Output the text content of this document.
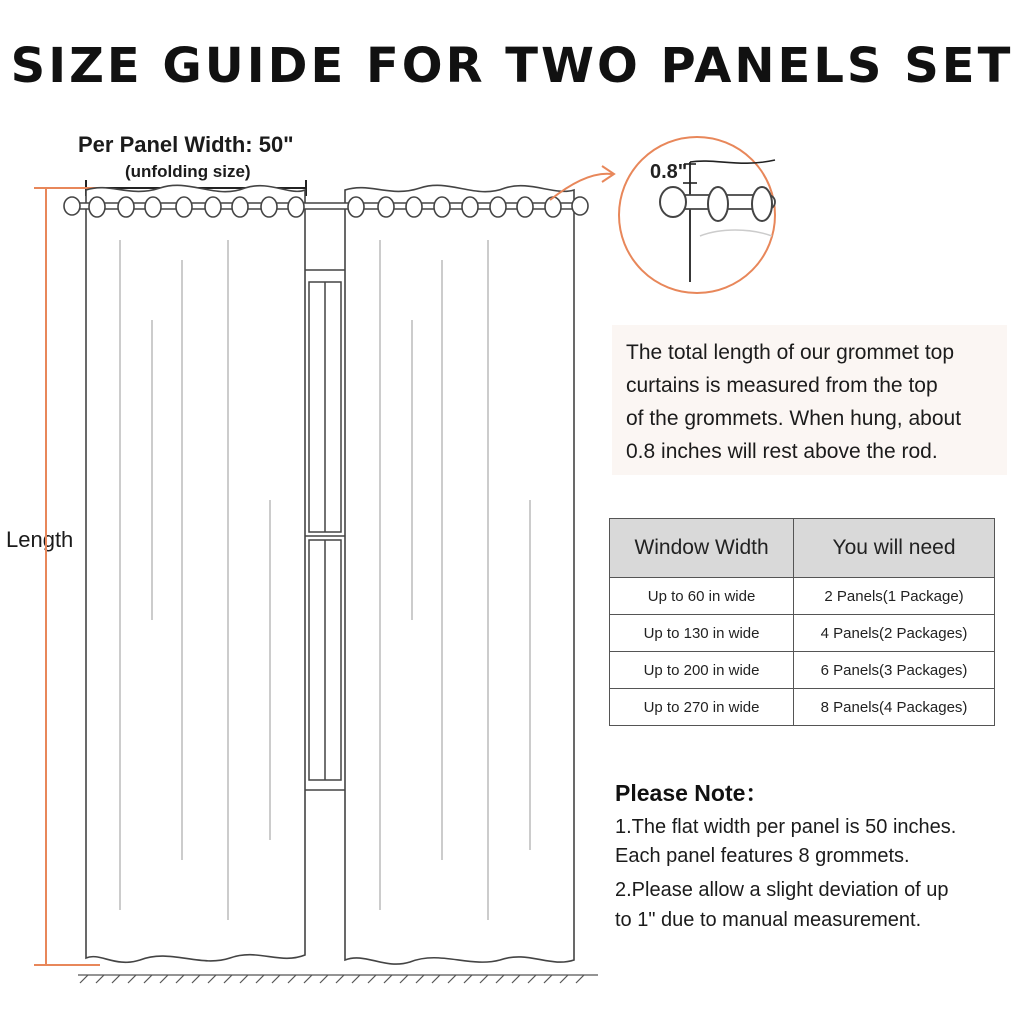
SIZE GUIDE FOR TWO PANELS SET
Per Panel Width: 50"
(unfolding size)
Length
0.8"
The total length of our grommet top
curtains is measured from the top
of the grommets. When hung, about
0.8 inches will rest above the rod.
Window Width	You will need
Up to 60 in wide	2 Panels(1 Package)
Up to 130 in wide	4 Panels(2 Packages)
Up to 200 in wide	6 Panels(3 Packages)
Up to 270 in wide	8 Panels(4 Packages)
Please Note：
1.The flat width per panel is 50 inches.
Each panel features 8 grommets.
2.Please allow a slight deviation of up
to 1" due to manual measurement.
